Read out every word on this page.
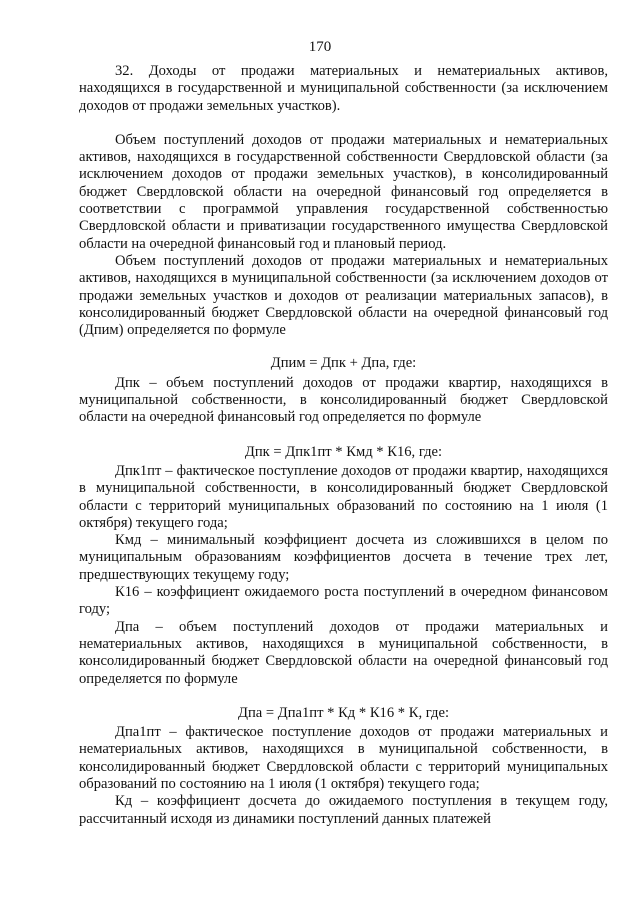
170

32. Доходы от продажи материальных и нематериальных активов, находящихся в государственной и муниципальной собственности (за исключением доходов от продажи земельных участков).

Объем поступлений доходов от продажи материальных и нематериальных активов, находящихся в государственной собственности Свердловской области (за исключением доходов от продажи земельных участков), в консолидированный бюджет Свердловской области на очередной финансовый год определяется в соответствии с программой управления государственной собственностью Свердловской области и приватизации государственного имущества Свердловской области на очередной финансовый год и плановый период.

Объем поступлений доходов от продажи материальных и нематериальных активов, находящихся в муниципальной собственности (за исключением доходов от продажи земельных участков и доходов от реализации материальных запасов), в консолидированный бюджет Свердловской области на очередной финансовый год (Дпим) определяется по формуле

Дпим = Дпк + Дпа, где:

Дпк – объем поступлений доходов от продажи квартир, находящихся в муниципальной собственности, в консолидированный бюджет Свердловской области на очередной финансовый год определяется по формуле

Дпк = Дпк1пт * Кмд * К16, где:

Дпк1пт – фактическое поступление доходов от продажи квартир, находящихся в муниципальной собственности, в консолидированный бюджет Свердловской области с территорий муниципальных образований по состоянию на 1 июля (1 октября) текущего года;

Кмд – минимальный коэффициент досчета из сложившихся в целом по муниципальным образованиям коэффициентов досчета в течение трех лет, предшествующих текущему году;

К16 – коэффициент ожидаемого роста поступлений в очередном финансовом году;

Дпа – объем поступлений доходов от продажи материальных и нематериальных активов, находящихся в муниципальной собственности, в консолидированный бюджет Свердловской области на очередной финансовый год определяется по формуле

Дпа = Дпа1пт * Кд * К16 * К, где:

Дпа1пт – фактическое поступление доходов от продажи материальных и нематериальных активов, находящихся в муниципальной собственности, в консолидированный бюджет Свердловской области с территорий муниципальных образований по состоянию на 1 июля (1 октября) текущего года;

Кд – коэффициент досчета до ожидаемого поступления в текущем году, рассчитанный исходя из динамики поступлений данных платежей
